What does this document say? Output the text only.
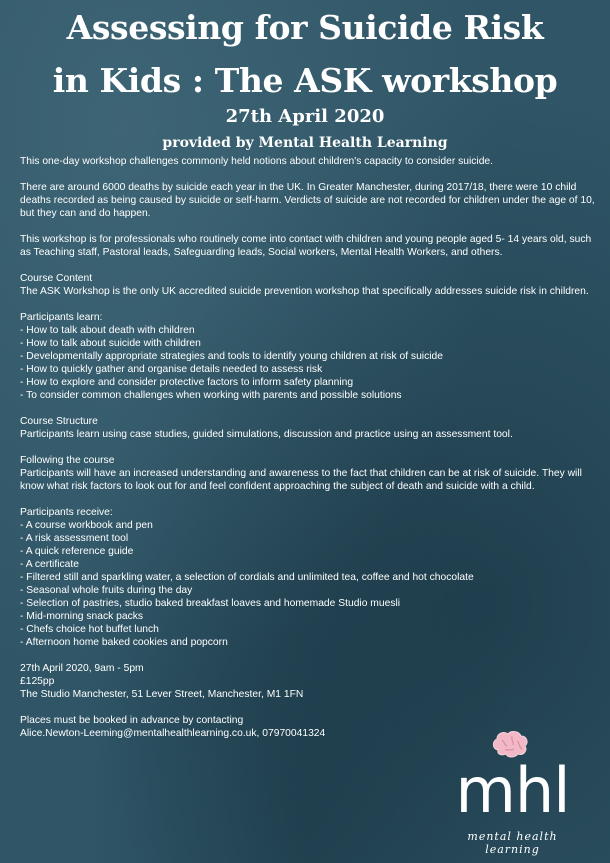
Assessing for Suicide Risk
in Kids : The ASK workshop
27th April 2020
provided by Mental Health Learning

This one-day workshop challenges commonly held notions about children's capacity to consider suicide.

There are around 6000 deaths by suicide each year in the UK. In Greater Manchester, during 2017/18, there were 10 child deaths recorded as being caused by suicide or self-harm. Verdicts of suicide are not recorded for children under the age of 10, but they can and do happen.

This workshop is for professionals who routinely come into contact with children and young people aged 5- 14 years old, such as Teaching staff, Pastoral leads, Safeguarding leads, Social workers, Mental Health Workers, and others.

Course Content
The ASK Workshop is the only UK accredited suicide prevention workshop that specifically addresses suicide risk in children.

Participants learn:
- How to talk about death with children
- How to talk about suicide with children
- Developmentally appropriate strategies and tools to identify young children at risk of suicide
- How to quickly gather and organise details needed to assess risk
- How to explore and consider protective factors to inform safety planning
- To consider common challenges when working with parents and possible solutions

Course Structure
Participants learn using case studies, guided simulations, discussion and practice using an assessment tool.

Following the course
Participants will have an increased understanding and awareness to the fact that children can be at risk of suicide. They will know what risk factors to look out for and feel confident approaching the subject of death and suicide with a child.

Participants receive:
- A course workbook and pen
- A risk assessment tool
- A quick reference guide
- A certificate
- Filtered still and sparkling water, a selection of cordials and unlimited tea, coffee and hot chocolate
- Seasonal whole fruits during the day
- Selection of pastries, studio baked breakfast loaves and homemade Studio muesli
- Mid-morning snack packs
- Chefs choice hot buffet lunch
- Afternoon home baked cookies and popcorn

27th April 2020, 9am - 5pm
£125pp
The Studio Manchester, 51 Lever Street, Manchester, M1 1FN

Places must be booked in advance by contacting
Alice.Newton-Leeming@mentalhealthlearning.co.uk, 07970041324

mhl
mental health learning
